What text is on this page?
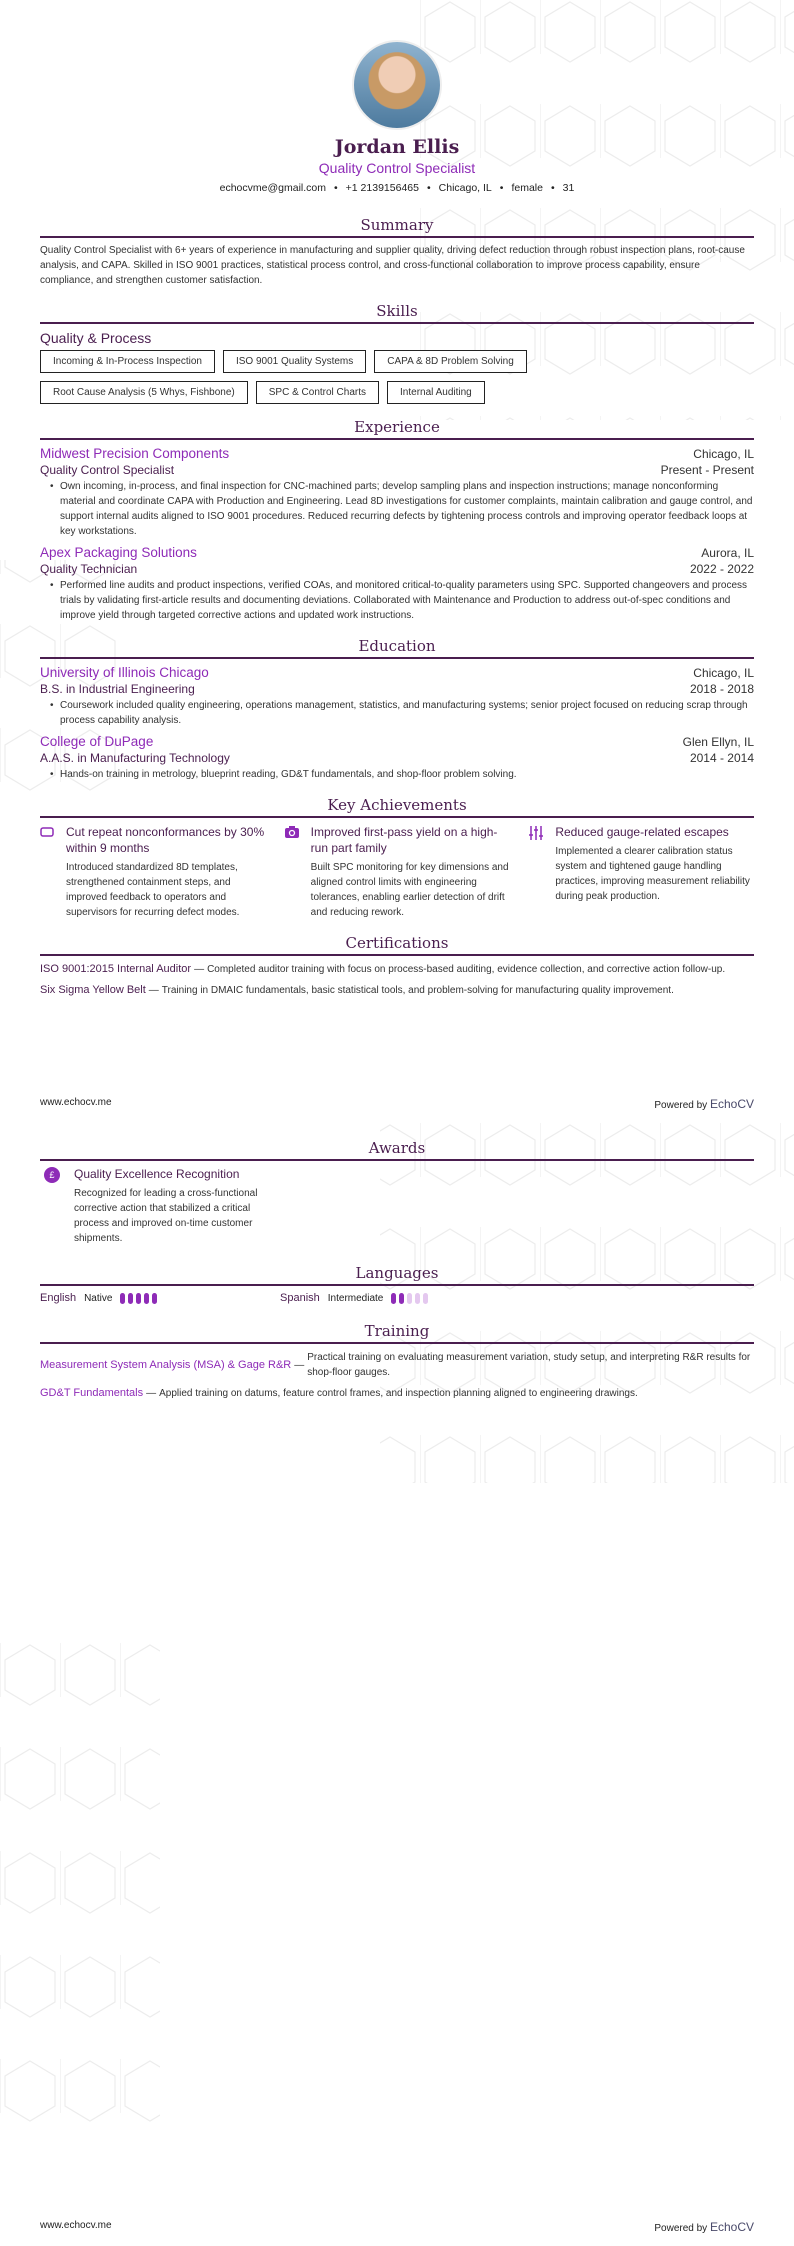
Jordan Ellis
Quality Control Specialist
echocvme@gmail.com • +1 2139156465 • Chicago, IL • female • 31
Summary

Quality Control Specialist with 6+ years of experience in manufacturing and supplier quality, driving defect reduction through robust inspection plans, root-cause analysis, and CAPA. Skilled in ISO 9001 practices, statistical process control, and cross-functional collaboration to improve process capability, ensure compliance, and strengthen customer satisfaction.

Skills
Quality & Process
Incoming & In-Process Inspection	ISO 9001 Quality Systems	CAPA & 8D Problem Solving
Root Cause Analysis (5 Whys, Fishbone)	SPC & Control Charts	Internal Auditing
Experience
Midwest Precision Components	Chicago, IL
Quality Control Specialist	Present - Present
• Own incoming, in-process, and final inspection for CNC-machined parts; develop sampling plans and inspection instructions; manage nonconforming material and coordinate CAPA with Production and Engineering. Lead 8D investigations for customer complaints, maintain calibration and gauge control, and support internal audits aligned to ISO 9001 procedures. Reduced recurring defects by tightening process controls and improving operator feedback loops at key workstations.
Apex Packaging Solutions	Aurora, IL
Quality Technician	2022 - 2022
• Performed line audits and product inspections, verified COAs, and monitored critical-to-quality parameters using SPC. Supported changeovers and process trials by validating first-article results and documenting deviations. Collaborated with Maintenance and Production to address out-of-spec conditions and improve yield through targeted corrective actions and updated work instructions.
Education
University of Illinois Chicago	Chicago, IL
B.S. in Industrial Engineering	2018 - 2018
• Coursework included quality engineering, operations management, statistics, and manufacturing systems; senior project focused on reducing scrap through process capability analysis.
College of DuPage	Glen Ellyn, IL
A.A.S. in Manufacturing Technology	2014 - 2014
• Hands-on training in metrology, blueprint reading, GD&T fundamentals, and shop-floor problem solving.
Key Achievements
Cut repeat nonconformances by 30% within 9 months
Introduced standardized 8D templates, strengthened containment steps, and improved feedback to operators and supervisors for recurring defect modes.
Improved first-pass yield on a high-run part family
Built SPC monitoring for key dimensions and aligned control limits with engineering tolerances, enabling earlier detection of drift and reducing rework.
Reduced gauge-related escapes
Implemented a clearer calibration status system and tightened gauge handling practices, improving measurement reliability during peak production.
Certifications
ISO 9001:2015 Internal Auditor — Completed auditor training with focus on process-based auditing, evidence collection, and corrective action follow-up.
Six Sigma Yellow Belt — Training in DMAIC fundamentals, basic statistical tools, and problem-solving for manufacturing quality improvement.
www.echocv.me	Powered by EchoCV
Awards
£	Quality Excellence Recognition
Recognized for leading a cross-functional corrective action that stabilized a critical process and improved on-time customer shipments.
Languages
English Native	Spanish Intermediate
Training
Measurement System Analysis (MSA) & Gage R&R —
Practical training on evaluating measurement variation, study setup, and interpreting R&R results for shop-floor gauges.
GD&T Fundamentals — Applied training on datums, feature control frames, and inspection planning aligned to engineering drawings.
www.echocv.me	Powered by EchoCV
